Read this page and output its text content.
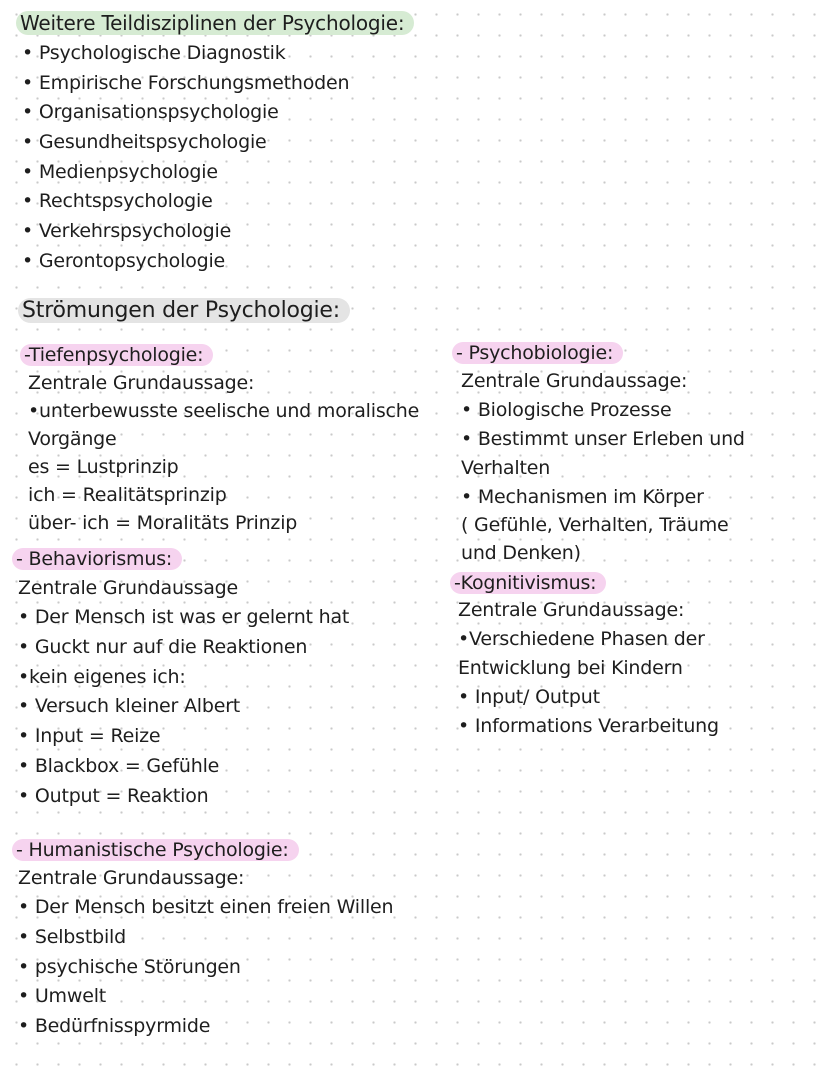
Weitere Teildisziplinen der Psychologie:

• Psychologische Diagnostik

• Empirische Forschungsmethoden

• Organisationspsychologie

• Gesundheitspsychologie

• Medienpsychologie

• Rechtspsychologie

• Verkehrspsychologie

• Gerontopsychologie

Strömungen der Psychologie:

-Tiefenpsychologie:

Zentrale Grundaussage:

•unterbewusste seelische und moralische

Vorgänge

es = Lustprinzip

ich = Realitätsprinzip

über- ich = Moralitäts Prinzip

- Behaviorismus:

Zentrale Grundaussage

• Der Mensch ist was er gelernt hat

• Guckt nur auf die Reaktionen

•kein eigenes ich:

• Versuch kleiner Albert

• Input = Reize

• Blackbox = Gefühle

• Output = Reaktion

- Humanistische Psychologie:

Zentrale Grundaussage:

• Der Mensch besitzt einen freien Willen

• Selbstbild

• psychische Störungen

• Umwelt

• Bedürfnisspyrmide

- Psychobiologie:

Zentrale Grundaussage:

• Biologische Prozesse

• Bestimmt unser Erleben und

Verhalten

• Mechanismen im Körper

( Gefühle, Verhalten, Träume

und Denken)

-Kognitivismus:

Zentrale Grundaussage:

•Verschiedene Phasen der

Entwicklung bei Kindern

• Input/ Output

• Informations Verarbeitung
